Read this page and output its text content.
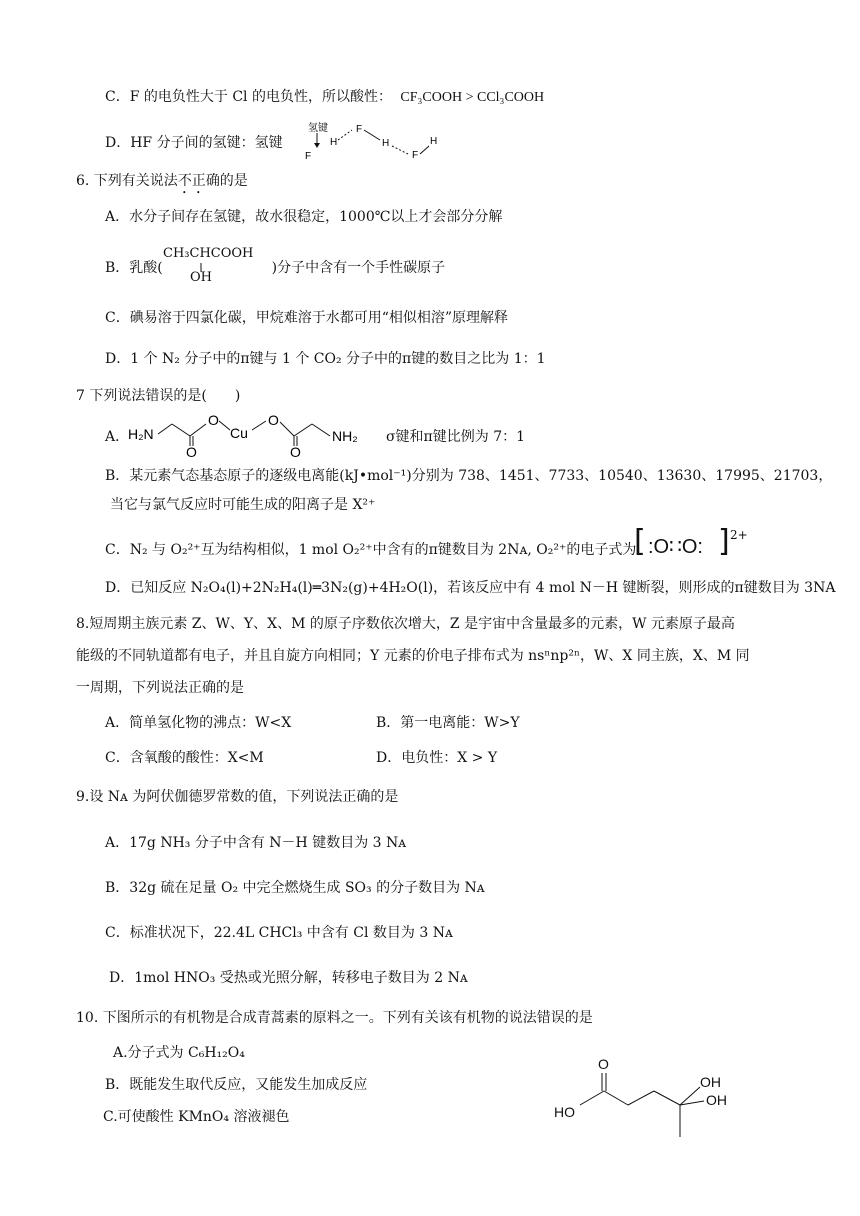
C．F 的电负性大于 Cl 的电负性，所以酸性： CF₃COOH > CCl₃COOH
D．HF 分子间的氢键：氢键
氢键
F
H
F
H
F
H
6. 下列有关说法不正确的是
A．水分子间存在氢键，故水很稳定，1000℃以上才会部分分解
B．乳酸(	)分子中含有一个手性碳原子
CH₃CHCOOH
OH
C．碘易溶于四氯化碳，甲烷难溶于水都可用“相似相溶”原理解释
D．1 个 N₂ 分子中的π键与 1 个 CO₂ 分子中的π键的数目之比为 1：1
7 下列说法错误的是(　　)
A．
H₂N
O
O
Cu
O
O
NH₂ σ键和π键比例为 7：1
B．某元素气态基态原子的逐级电离能(kJ•mol⁻¹)分别为 738、1451、7733、10540、13630、17995、21703，
当它与氯气反应时可能生成的阳离子是 X²⁺
C．N₂ 与 O₂²⁺互为结构相似，1 mol O₂²⁺中含有的π键数目为 2Nᴀ, O₂²⁺的电子式为
[ :O∷O: ] 2+
D．已知反应 N₂O₄(l)+2N₂H₄(l)═3N₂(g)+4H₂O(l)，若该反应中有 4 mol N－H 键断裂，则形成的π键数目为 3NA
8.短周期主族元素 Z、W、Y、X、M 的原子序数依次增大，Z 是宇宙中含量最多的元素，W 元素原子最高
能级的不同轨道都有电子，并且自旋方向相同；Y 元素的价电子排布式为 nsⁿnp²ⁿ，W、X 同主族，X、M 同
一周期，下列说法正确的是
A．简单氢化物的沸点：W<X	B．第一电离能：W>Y
C．含氧酸的酸性：X<M	D．电负性：X > Y
9.设 Nᴀ 为阿伏伽德罗常数的值，下列说法正确的是
A．17g NH₃ 分子中含有 N－H 键数目为 3 Nᴀ
B．32g 硫在足量 O₂ 中完全燃烧生成 SO₃ 的分子数目为 Nᴀ
C．标准状况下，22.4L CHCl₃ 中含有 Cl 数目为 3 Nᴀ
D．1mol HNO₃ 受热或光照分解，转移电子数目为 2 Nᴀ
10. 下图所示的有机物是合成青蒿素的原料之一。下列有关该有机物的说法错误的是
A.分子式为 C₆H₁₂O₄
B．既能发生取代反应，又能发生加成反应
C.可使酸性 KMnO₄ 溶液褪色
O
HO
OH
OH
